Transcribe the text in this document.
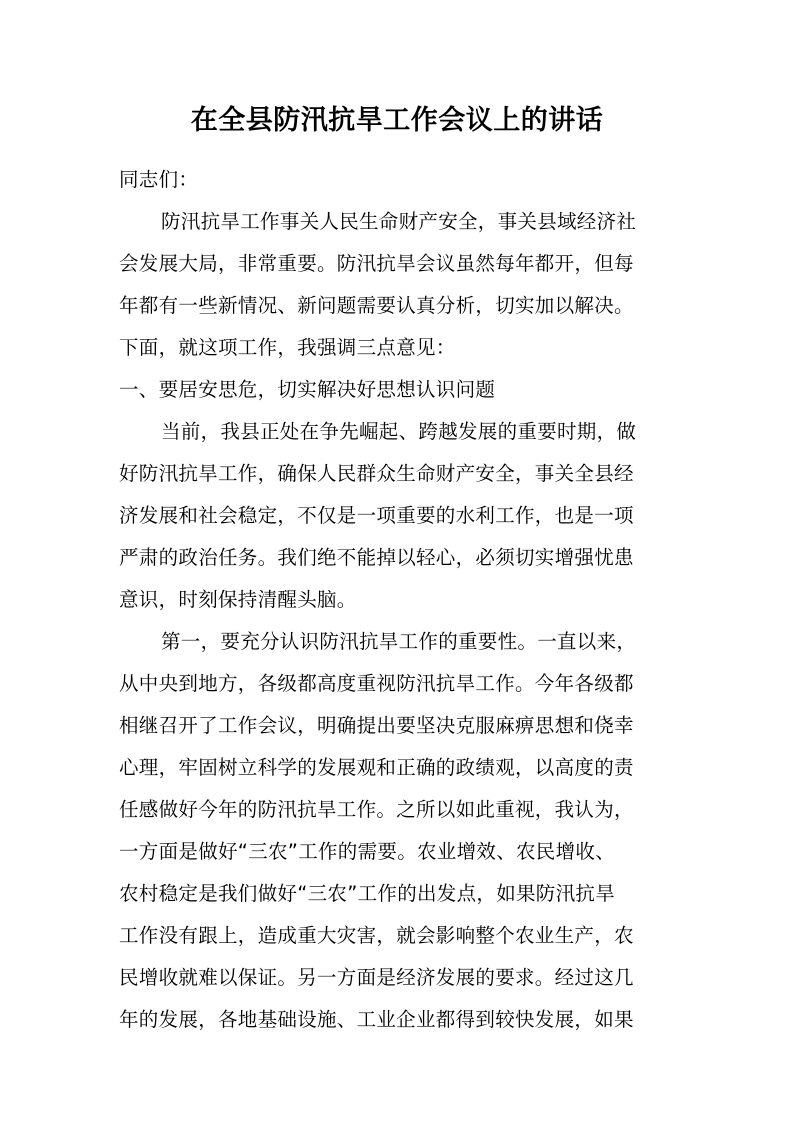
在全县防汛抗旱工作会议上的讲话

同志们：

防汛抗旱工作事关人民生命财产安全，事关县域经济社
会发展大局，非常重要。防汛抗旱会议虽然每年都开，但每
年都有一些新情况、新问题需要认真分析，切实加以解决。
下面，就这项工作，我强调三点意见：

一、要居安思危，切实解决好思想认识问题

当前，我县正处在争先崛起、跨越发展的重要时期，做
好防汛抗旱工作，确保人民群众生命财产安全，事关全县经
济发展和社会稳定，不仅是一项重要的水利工作，也是一项
严肃的政治任务。我们绝不能掉以轻心，必须切实增强忧患
意识，时刻保持清醒头脑。

第一，要充分认识防汛抗旱工作的重要性。一直以来，
从中央到地方，各级都高度重视防汛抗旱工作。今年各级都
相继召开了工作会议，明确提出要坚决克服麻痹思想和侥幸
心理，牢固树立科学的发展观和正确的政绩观，以高度的责
任感做好今年的防汛抗旱工作。之所以如此重视，我认为，
一方面是做好“三农”工作的需要。农业增效、农民增收、
农村稳定是我们做好“三农”工作的出发点，如果防汛抗旱
工作没有跟上，造成重大灾害，就会影响整个农业生产，农
民增收就难以保证。另一方面是经济发展的要求。经过这几
年的发展，各地基础设施、工业企业都得到较快发展，如果
